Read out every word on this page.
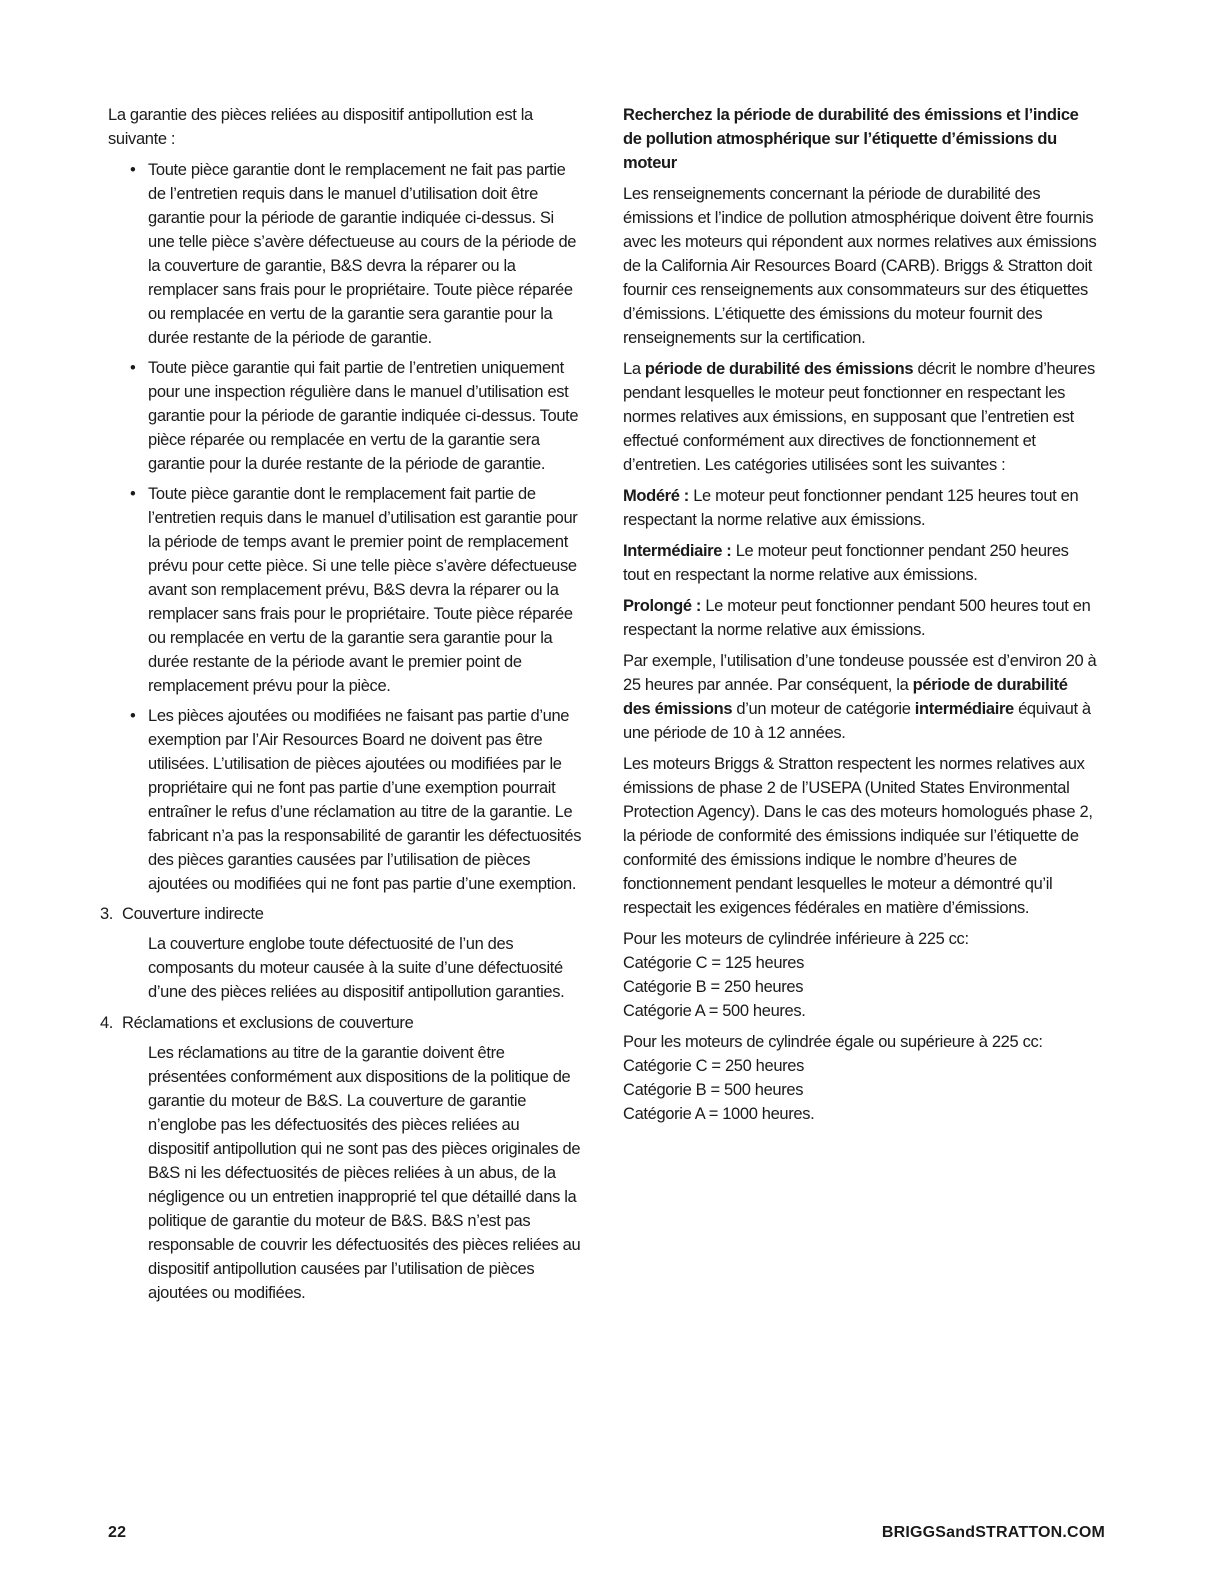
La garantie des pièces reliées au dispositif antipollution est la suivante :

• Toute pièce garantie dont le remplacement ne fait pas partie de l’entretien requis dans le manuel d’utilisation doit être garantie pour la période de garantie indiquée ci-dessus. Si une telle pièce s’avère défectueuse au cours de la période de la couverture de garantie, B&S devra la réparer ou la remplacer sans frais pour le propriétaire. Toute pièce réparée ou remplacée en vertu de la garantie sera garantie pour la durée restante de la période de garantie.
• Toute pièce garantie qui fait partie de l’entretien uniquement pour une inspection régulière dans le manuel d’utilisation est garantie pour la période de garantie indiquée ci-dessus. Toute pièce réparée ou remplacée en vertu de la garantie sera garantie pour la durée restante de la période de garantie.
• Toute pièce garantie dont le remplacement fait partie de l’entretien requis dans le manuel d’utilisation est garantie pour la période de temps avant le premier point de remplacement prévu pour cette pièce. Si une telle pièce s’avère défectueuse avant son remplacement prévu, B&S devra la réparer ou la remplacer sans frais pour le propriétaire. Toute pièce réparée ou remplacée en vertu de la garantie sera garantie pour la durée restante de la période avant le premier point de remplacement prévu pour la pièce.
• Les pièces ajoutées ou modifiées ne faisant pas partie d’une exemption par l’Air Resources Board ne doivent pas être utilisées. L’utilisation de pièces ajoutées ou modifiées par le propriétaire qui ne font pas partie d’une exemption pourrait entraîner le refus d’une réclamation au titre de la garantie. Le fabricant n’a pas la responsabilité de garantir les défectuosités des pièces garanties causées par l’utilisation de pièces ajoutées ou modifiées qui ne font pas partie d’une exemption.
3. Couverture indirecte

La couverture englobe toute défectuosité de l’un des composants du moteur causée à la suite d’une défectuosité d’une des pièces reliées au dispositif antipollution garanties.

4. Réclamations et exclusions de couverture

Les réclamations au titre de la garantie doivent être présentées conformément aux dispositions de la politique de garantie du moteur de B&S. La couverture de garantie n’englobe pas les défectuosités des pièces reliées au dispositif antipollution qui ne sont pas des pièces originales de B&S ni les défectuosités de pièces reliées à un abus, de la négligence ou un entretien inapproprié tel que détaillé dans la politique de garantie du moteur de B&S. B&S n’est pas responsable de couvrir les défectuosités des pièces reliées au dispositif antipollution causées par l’utilisation de pièces ajoutées ou modifiées.

Recherchez la période de durabilité des émissions et l’indice de pollution atmosphérique sur l’étiquette d’émissions du moteur

Les renseignements concernant la période de durabilité des émissions et l’indice de pollution atmosphérique doivent être fournis avec les moteurs qui répondent aux normes relatives aux émissions de la California Air Resources Board (CARB). Briggs & Stratton doit fournir ces renseignements aux consommateurs sur des étiquettes d’émissions. L’étiquette des émissions du moteur fournit des renseignements sur la certification.

La période de durabilité des émissions décrit le nombre d’heures pendant lesquelles le moteur peut fonctionner en respectant les normes relatives aux émissions, en supposant que l’entretien est effectué conformément aux directives de fonctionnement et d’entretien. Les catégories utilisées sont les suivantes :

Modéré : Le moteur peut fonctionner pendant 125 heures tout en respectant la norme relative aux émissions.

Intermédiaire : Le moteur peut fonctionner pendant 250 heures tout en respectant la norme relative aux émissions.

Prolongé : Le moteur peut fonctionner pendant 500 heures tout en respectant la norme relative aux émissions.

Par exemple, l’utilisation d’une tondeuse poussée est d’environ 20 à 25 heures par année. Par conséquent, la période de durabilité des émissions d’un moteur de catégorie intermédiaire équivaut à une période de 10 à 12 années.

Les moteurs Briggs & Stratton respectent les normes relatives aux émissions de phase 2 de l’USEPA (United States Environmental Protection Agency). Dans le cas des moteurs homologués phase 2, la période de conformité des émissions indiquée sur l’étiquette de conformité des émissions indique le nombre d’heures de fonctionnement pendant lesquelles le moteur a démontré qu’il respectait les exigences fédérales en matière d’émissions.

Pour les moteurs de cylindrée inférieure à 225 cc:
Catégorie C = 125 heures
Catégorie B = 250 heures
Catégorie A = 500 heures.
Pour les moteurs de cylindrée égale ou supérieure à 225 cc:
Catégorie C = 250 heures
Catégorie B = 500 heures
Catégorie A = 1000 heures.
22	BRIGGSandSTRATTON.COM
